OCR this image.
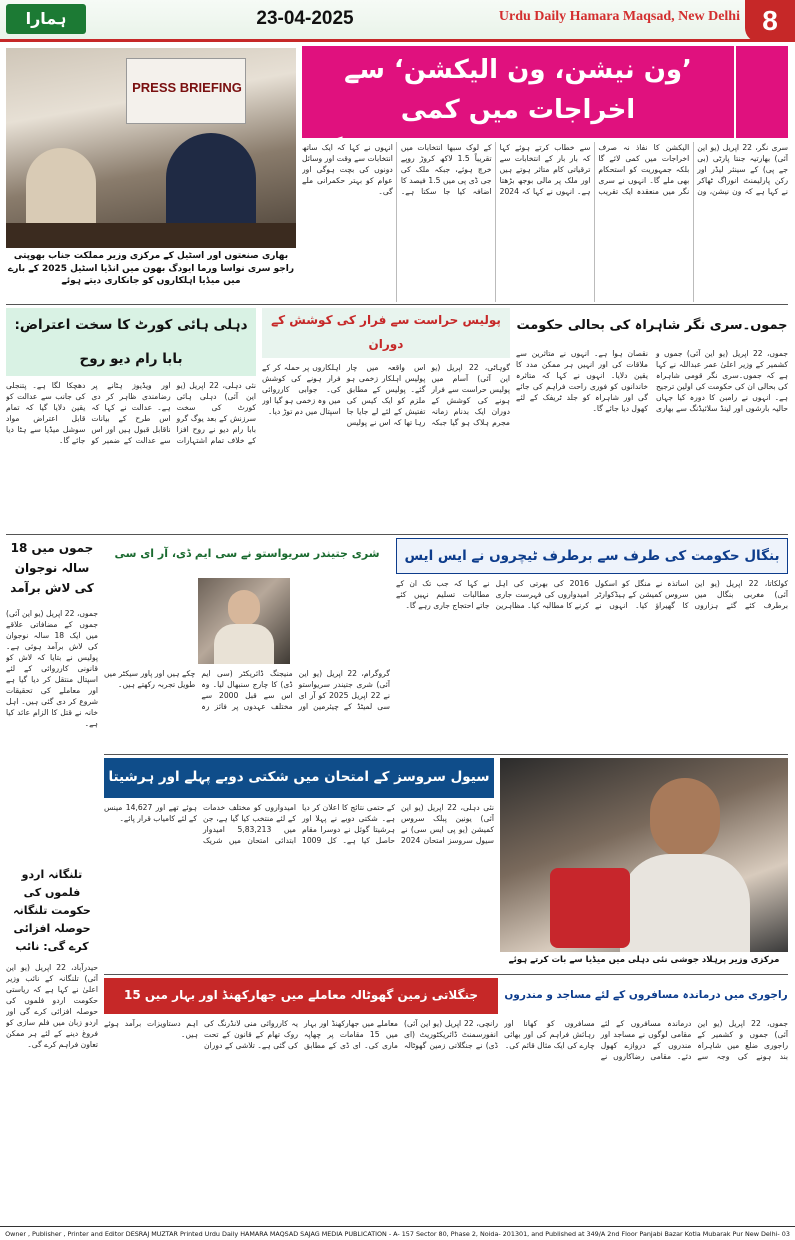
ہمارا	23-04-2025	Urdu Daily Hamara Maqsad, New Delhi 8
PRESS BRIEFING
بھاری صنعتوں اور اسٹیل کے مرکزی وزیر مملکت جناب بھوپتی راجو سری نواسا ورما ایودگ بھون میں انڈیا اسٹیل 2025 کے بارے میں میڈیا اہلکاروں کو جانکاری دیتے ہوئے
’ون نیشن، ون الیکشن‘ سے اخراجات میں کمی
سری نگر، 22 اپریل (یو این آئی) بھارتیہ جنتا پارٹی (بی جے پی) کے سینئر لیڈر اور رکن پارلیمنٹ انوراگ ٹھاکر نے کہا ہے کہ ون نیشن، ون الیکشن کا نفاذ نہ صرف اخراجات میں کمی لائے گا بلکہ جمہوریت کو استحکام بھی ملے گا۔ انہوں نے سری نگر میں منعقدہ ایک تقریب سے خطاب کرتے ہوئے کہا کہ بار بار کے انتخابات سے ترقیاتی کام متاثر ہوتے ہیں اور ملک پر مالی بوجھ بڑھتا ہے۔ انہوں نے کہا کہ 2024 کے لوک سبھا انتخابات میں تقریباً 1.5 لاکھ کروڑ روپے خرچ ہوئے، جبکہ ملک کی جی ڈی پی میں 1.5 فیصد کا اضافہ کیا جا سکتا ہے۔ انہوں نے کہا کہ ایک ساتھ انتخابات سے وقت اور وسائل دونوں کی بچت ہوگی اور عوام کو بہتر حکمرانی ملے گی۔
جموں۔سری نگر شاہراہ کی بحالی حکومت
جموں، 22 اپریل (یو این آئی) جموں و کشمیر کے وزیر اعلیٰ عمر عبداللہ نے کہا ہے کہ جموں۔سری نگر قومی شاہراہ کی بحالی ان کی حکومت کی اولین ترجیح ہے۔ انہوں نے رامبن کا دورہ کیا جہاں حالیہ بارشوں اور لینڈ سلائیڈنگ سے بھاری نقصان ہوا ہے۔ انہوں نے متاثرین سے ملاقات کی اور انہیں ہر ممکن مدد کا یقین دلایا۔ انہوں نے کہا کہ متاثرہ خاندانوں کو فوری راحت فراہم کی جائے گی اور شاہراہ کو جلد ٹریفک کے لئے کھول دیا جائے گا۔
پولیس حراست سے فرار کی کوشش کے دوران
گوہاٹی، 22 اپریل (یو این آئی) آسام میں پولیس حراست سے فرار ہونے کی کوشش کے دوران ایک بدنام زمانہ مجرم ہلاک ہو گیا جبکہ اس واقعہ میں چار پولیس اہلکار زخمی ہو گئے۔ پولیس کے مطابق ملزم کو ایک کیس کی تفتیش کے لئے لے جایا جا رہا تھا کہ اس نے پولیس اہلکاروں پر حملہ کر کے فرار ہونے کی کوشش کی۔ جوابی کارروائی میں وہ زخمی ہو گیا اور اسپتال میں دم توڑ دیا۔
دہلی ہائی کورٹ کا سخت اعتراض: بابا رام دیو روح
نئی دہلی، 22 اپریل (یو این آئی) دہلی ہائی کورٹ کی سخت سرزنش کے بعد یوگ گرو بابا رام دیو نے روح افزا کے خلاف تمام اشتہارات اور ویڈیوز ہٹانے پر رضامندی ظاہر کر دی ہے۔ عدالت نے کہا کہ اس طرح کے بیانات ناقابل قبول ہیں اور اس سے عدالت کے ضمیر کو دھچکا لگا ہے۔ پتنجلی کی جانب سے عدالت کو یقین دلایا گیا کہ تمام قابل اعتراض مواد سوشل میڈیا سے ہٹا دیا جائے گا۔
بنگال حکومت کی طرف سے برطرف ٹیچروں نے ایس ایس
کولکاتا، 22 اپریل (یو این آئی) مغربی بنگال میں برطرف کئے گئے ہزاروں اساتذہ نے منگل کو اسکول سروس کمیشن کے ہیڈکوارٹر کا گھیراؤ کیا۔ انہوں نے 2016 کی بھرتی کی اہل امیدواروں کی فہرست جاری کرنے کا مطالبہ کیا۔ مظاہرین نے کہا کہ جب تک ان کے مطالبات تسلیم نہیں کئے جاتے احتجاج جاری رہے گا۔
شری جتیندر سریواستو نے سی ایم ڈی، آر ای سی
گروگرام، 22 اپریل (یو این آئی) شری جتیندر سریواستو نے 22 اپریل 2025 کو آر ای سی لمیٹڈ کے چیئرمین اور منیجنگ ڈائریکٹر (سی ایم ڈی) کا چارج سنبھال لیا۔ وہ اس سے قبل 2000 سے مختلف عہدوں پر فائز رہ چکے ہیں اور پاور سیکٹر میں طویل تجربہ رکھتے ہیں۔
جموں میں 18 سالہ نوجوان کی لاش برآمد
جموں، 22 اپریل (یو این آئی) جموں کے مضافاتی علاقے میں ایک 18 سالہ نوجوان کی لاش برآمد ہوئی ہے۔ پولیس نے بتایا کہ لاش کو قانونی کارروائی کے لئے اسپتال منتقل کر دیا گیا ہے اور معاملے کی تحقیقات شروع کر دی گئی ہیں۔ اہل خانہ نے قتل کا الزام عائد کیا ہے۔
سیول سروسز کے امتحان میں شکتی دوبے پہلے اور ہرشیتا
نئی دہلی، 22 اپریل (یو این آئی) یونین پبلک سروس کمیشن (یو پی ایس سی) نے سیول سروسز امتحان 2024 کے حتمی نتائج کا اعلان کر دیا ہے۔ شکتی دوبے نے پہلا اور ہرشیتا گوئل نے دوسرا مقام حاصل کیا ہے۔ کل 1009 امیدواروں کو مختلف خدمات کے لئے منتخب کیا گیا ہے، جن میں 5,83,213 امیدوار ابتدائی امتحان میں شریک ہوئے تھے اور 14,627 مینس کے لئے کامیاب قرار پائے۔
مرکزی وزیر پرہلاد جوشی نئی دہلی میں میڈیا سے بات کرتے ہوئے
تلنگانہ اردو فلموں کی حکومت تلنگانہ حوصلہ افزائی کرے گی: نائب
حیدرآباد، 22 اپریل (یو این آئی) تلنگانہ کے نائب وزیر اعلیٰ نے کہا ہے کہ ریاستی حکومت اردو فلموں کی حوصلہ افزائی کرے گی اور اردو زبان میں فلم سازی کو فروغ دینے کے لئے ہر ممکن تعاون فراہم کرے گی۔
جنگلاتی زمین گھوٹالہ معاملے میں جھارکھنڈ اور بہار میں 15
رانچی، 22 اپریل (یو این آئی) انفورسمنٹ ڈائریکٹوریٹ (ای ڈی) نے جنگلاتی زمین گھوٹالہ معاملے میں جھارکھنڈ اور بہار میں 15 مقامات پر چھاپہ ماری کی۔ ای ڈی کے مطابق یہ کارروائی منی لانڈرنگ کی روک تھام کے قانون کے تحت کی گئی ہے۔ تلاشی کے دوران اہم دستاویزات برآمد ہوئے ہیں۔
راجوری میں درماندہ مسافروں کے لئے مساجد و مندروں
جموں، 22 اپریل (یو این آئی) جموں و کشمیر کے راجوری ضلع میں شاہراہ بند ہونے کی وجہ سے درماندہ مسافروں کے لئے مقامی لوگوں نے مساجد اور مندروں کے دروازے کھول دئے۔ مقامی رضاکاروں نے مسافروں کو کھانا اور رہائش فراہم کی اور بھائی چارے کی ایک مثال قائم کی۔
Owner , Publisher , Printer and Editor DESRAJ MUZTAR Printed Urdu Daily HAMARA MAQSAD SAJAG MEDIA PUBLICATION - A- 157 Sector 80, Phase 2, Noida- 201301, and Published at 349/A 2nd Floor Panjabi Bazar Kotla Mubarak Pur New Delhi- 03
